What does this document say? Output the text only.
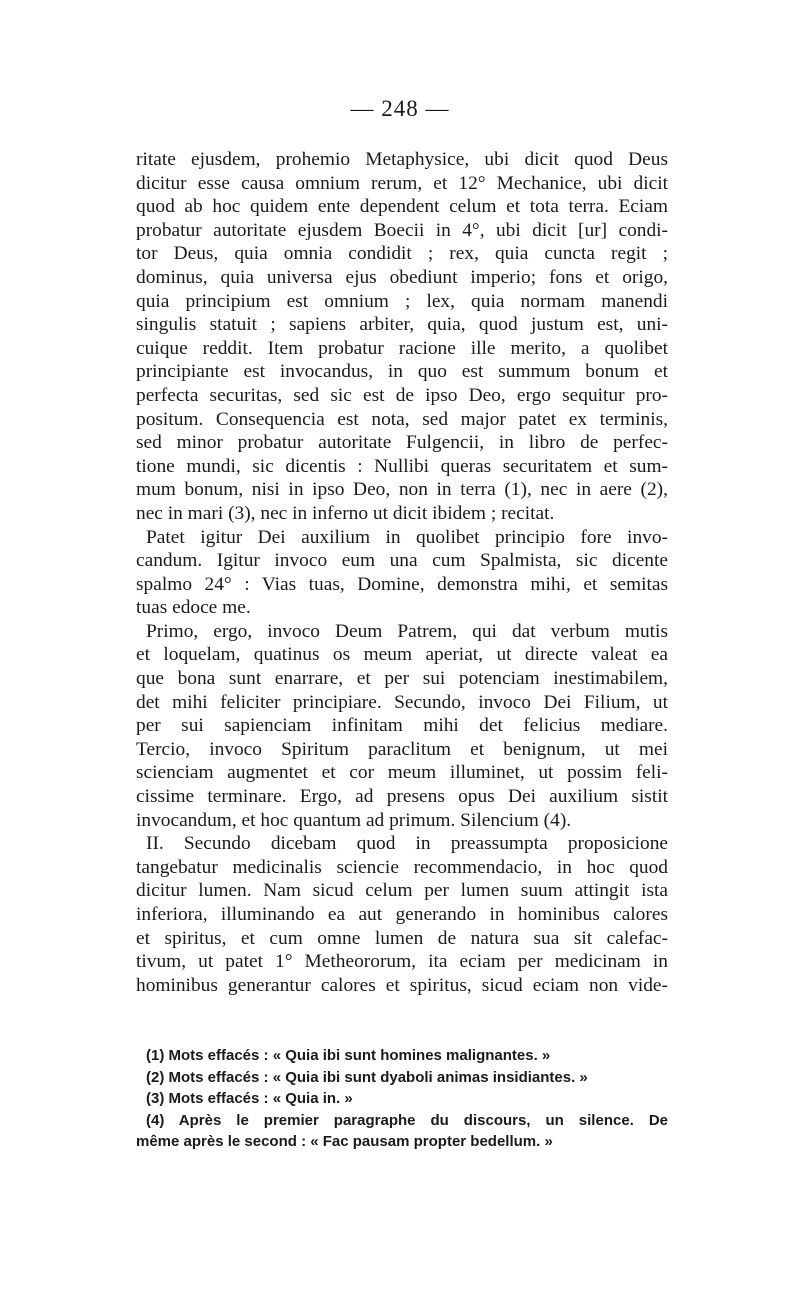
— 248 —
ritate ejusdem, prohemio Metaphysice, ubi dicit quod Deus
dicitur esse causa omnium rerum, et 12° Mechanice, ubi dicit
quod ab hoc quidem ente dependent celum et tota terra. Eciam
probatur autoritate ejusdem Boecii in 4°, ubi dicit [ur] condi-
tor Deus, quia omnia condidit ; rex, quia cuncta regit ;
dominus, quia universa ejus obediunt imperio; fons et origo,
quia principium est omnium ; lex, quia normam manendi
singulis statuit ; sapiens arbiter, quia, quod justum est, uni-
cuique reddit. Item probatur racione ille merito, a quolibet
principiante est invocandus, in quo est summum bonum et
perfecta securitas, sed sic est de ipso Deo, ergo sequitur pro-
positum. Consequencia est nota, sed major patet ex terminis,
sed minor probatur autoritate Fulgencii, in libro de perfec-
tione mundi, sic dicentis : Nullibi queras securitatem et sum-
mum bonum, nisi in ipso Deo, non in terra (1), nec in aere (2),
nec in mari (3), nec in inferno ut dicit ibidem ; recitat.
Patet igitur Dei auxilium in quolibet principio fore invo-
candum. Igitur invoco eum una cum Spalmista, sic dicente
spalmo 24° : Vias tuas, Domine, demonstra mihi, et semitas
tuas edoce me.
Primo, ergo, invoco Deum Patrem, qui dat verbum mutis
et loquelam, quatinus os meum aperiat, ut directe valeat ea
que bona sunt enarrare, et per sui potenciam inestimabilem,
det mihi feliciter principiare. Secundo, invoco Dei Filium, ut
per sui sapienciam infinitam mihi det felicius mediare.
Tercio, invoco Spiritum paraclitum et benignum, ut mei
scienciam augmentet et cor meum illuminet, ut possim feli-
cissime terminare. Ergo, ad presens opus Dei auxilium sistit
invocandum, et hoc quantum ad primum. Silencium (4).
II. Secundo dicebam quod in preassumpta proposicione
tangebatur medicinalis sciencie recommendacio, in hoc quod
dicitur lumen. Nam sicud celum per lumen suum attingit ista
inferiora, illuminando ea aut generando in hominibus calores
et spiritus, et cum omne lumen de natura sua sit calefac-
tivum, ut patet 1° Metheororum, ita eciam per medicinam in
hominibus generantur calores et spiritus, sicud eciam non vide-
(1) Mots effacés : « Quia ibi sunt homines malignantes. »
(2) Mots effacés : « Quia ibi sunt dyaboli animas insidiantes. »
(3) Mots effacés : « Quia in. »
(4) Après le premier paragraphe du discours, un silence. De
même après le second : « Fac pausam propter bedellum. »
